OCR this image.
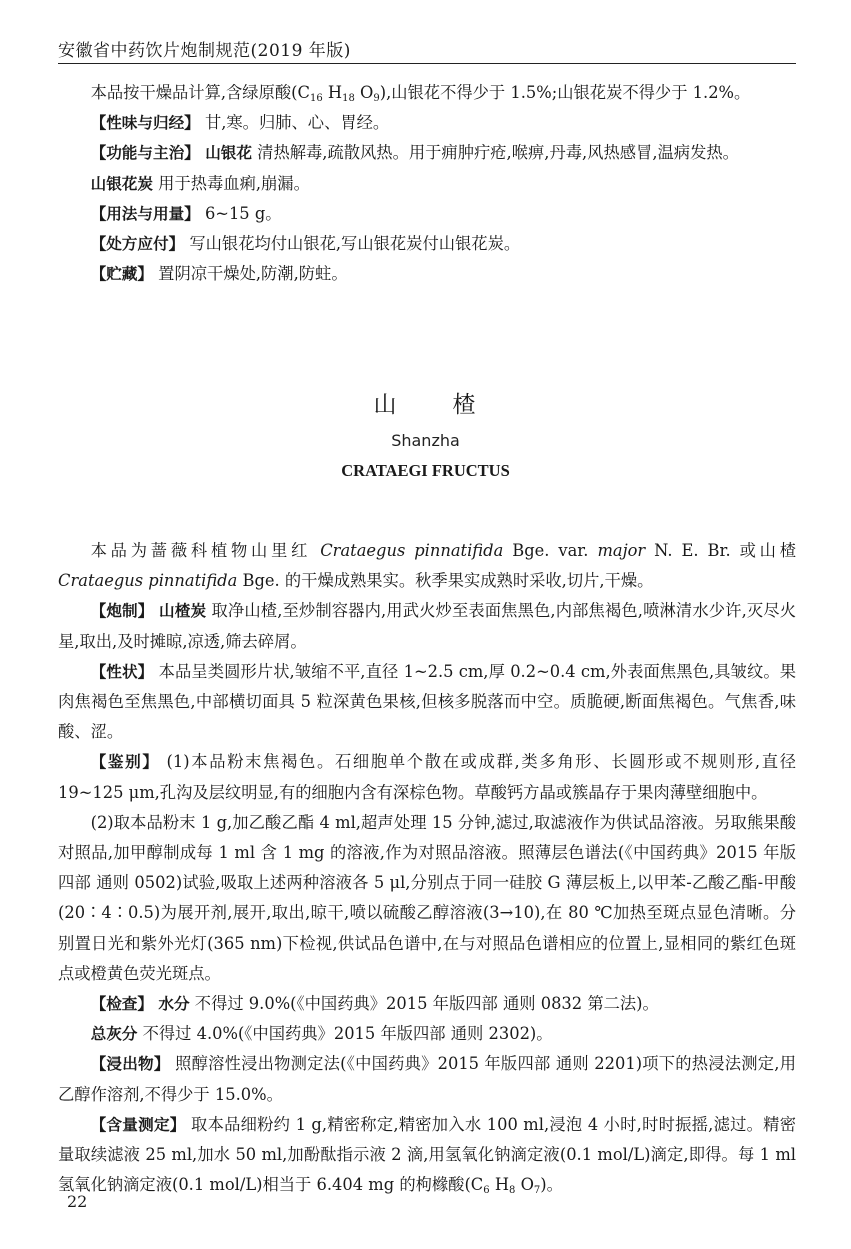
安徽省中药饮片炮制规范(2019 年版)

本品按干燥品计算,含绿原酸($C_{16}$ $H_{18}$ $O_9$),山银花不得少于 1.5%;山银花炭不得少于 1.2%。

【性味与归经】 甘,寒。归肺、心、胃经。

【功能与主治】 山银花 清热解毒,疏散风热。用于痈肿疔疮,喉痹,丹毒,风热感冒,温病发热。

山银花炭 用于热毒血痢,崩漏。

【用法与用量】 6~15 g。

【处方应付】 写山银花均付山银花,写山银花炭付山银花炭。

【贮藏】 置阴凉干燥处,防潮,防蛀。

山 楂
Shanzha
CRATAEGI FRUCTUS

本品为蔷薇科植物山里红 Crataegus pinnatifida Bge. var. major N. E. Br. 或山楂 Crataegus pinnatifida Bge. 的干燥成熟果实。秋季果实成熟时采收,切片,干燥。

【炮制】 山楂炭 取净山楂,至炒制容器内,用武火炒至表面焦黑色,内部焦褐色,喷淋清水少许,灭尽火星,取出,及时摊晾,凉透,筛去碎屑。

【性状】 本品呈类圆形片状,皱缩不平,直径 1~2.5 cm,厚 0.2~0.4 cm,外表面焦黑色,具皱纹。果肉焦褐色至焦黑色,中部横切面具 5 粒深黄色果核,但核多脱落而中空。质脆硬,断面焦褐色。气焦香,味酸、涩。

【鉴别】 (1)本品粉末焦褐色。石细胞单个散在或成群,类多角形、长圆形或不规则形,直径 19~125 μm,孔沟及层纹明显,有的细胞内含有深棕色物。草酸钙方晶或簇晶存于果肉薄壁细胞中。

(2)取本品粉末 1 g,加乙酸乙酯 4 ml,超声处理 15 分钟,滤过,取滤液作为供试品溶液。另取熊果酸对照品,加甲醇制成每 1 ml 含 1 mg 的溶液,作为对照品溶液。照薄层色谱法(《中国药典》2015 年版四部 通则 0502)试验,吸取上述两种溶液各 5 μl,分别点于同一硅胶 G 薄层板上,以甲苯-乙酸乙酯-甲酸(20∶4∶0.5)为展开剂,展开,取出,晾干,喷以硫酸乙醇溶液(3→10),在 80 ℃加热至斑点显色清晰。分别置日光和紫外光灯(365 nm)下检视,供试品色谱中,在与对照品色谱相应的位置上,显相同的紫红色斑点或橙黄色荧光斑点。

【检查】 水分 不得过 9.0%(《中国药典》2015 年版四部 通则 0832 第二法)。

总灰分 不得过 4.0%(《中国药典》2015 年版四部 通则 2302)。

【浸出物】 照醇溶性浸出物测定法(《中国药典》2015 年版四部 通则 2201)项下的热浸法测定,用乙醇作溶剂,不得少于 15.0%。

【含量测定】 取本品细粉约 1 g,精密称定,精密加入水 100 ml,浸泡 4 小时,时时振摇,滤过。精密量取续滤液 25 ml,加水 50 ml,加酚酞指示液 2 滴,用氢氧化钠滴定液(0.1 mol/L)滴定,即得。每 1 ml 氢氧化钠滴定液(0.1 mol/L)相当于 6.404 mg 的枸橼酸($C_6$ $H_8$ $O_7$)。

22
